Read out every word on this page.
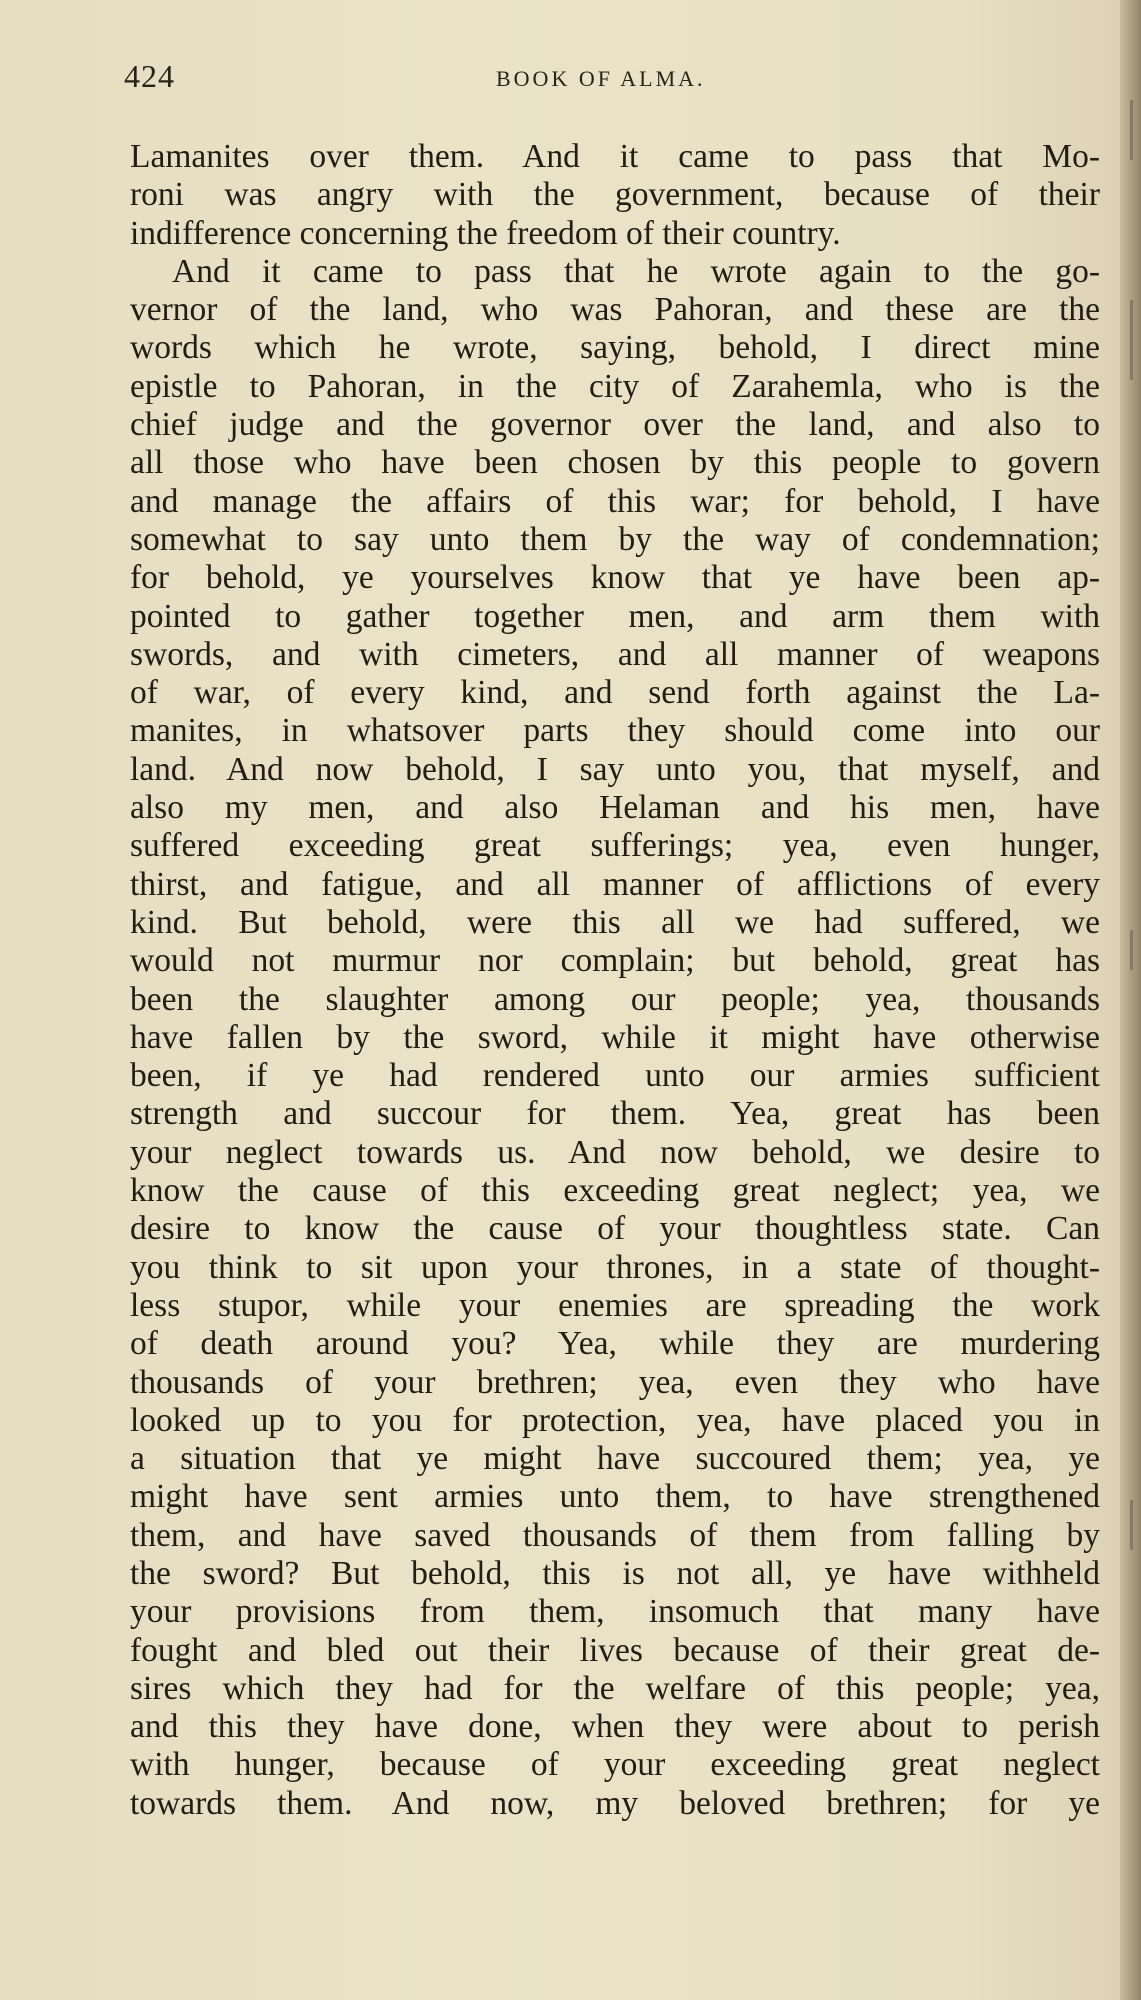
424	BOOK OF ALMA.
Lamanites over them. And it came to pass that Mo-
roni was angry with the government, because of their
indifference concerning the freedom of their country.
And it came to pass that he wrote again to the go-
vernor of the land, who was Pahoran, and these are the
words which he wrote, saying, behold, I direct mine
epistle to Pahoran, in the city of Zarahemla, who is the
chief judge and the governor over the land, and also to
all those who have been chosen by this people to govern
and manage the affairs of this war; for behold, I have
somewhat to say unto them by the way of condemnation;
for behold, ye yourselves know that ye have been ap-
pointed to gather together men, and arm them with
swords, and with cimeters, and all manner of weapons
of war, of every kind, and send forth against the La-
manites, in whatsover parts they should come into our
land. And now behold, I say unto you, that myself, and
also my men, and also Helaman and his men, have
suffered exceeding great sufferings; yea, even hunger,
thirst, and fatigue, and all manner of afflictions of every
kind. But behold, were this all we had suffered, we
would not murmur nor complain; but behold, great has
been the slaughter among our people; yea, thousands
have fallen by the sword, while it might have otherwise
been, if ye had rendered unto our armies sufficient
strength and succour for them. Yea, great has been
your neglect towards us. And now behold, we desire to
know the cause of this exceeding great neglect; yea, we
desire to know the cause of your thoughtless state. Can
you think to sit upon your thrones, in a state of thought-
less stupor, while your enemies are spreading the work
of death around you? Yea, while they are murdering
thousands of your brethren; yea, even they who have
looked up to you for protection, yea, have placed you in
a situation that ye might have succoured them; yea, ye
might have sent armies unto them, to have strengthened
them, and have saved thousands of them from falling by
the sword? But behold, this is not all, ye have withheld
your provisions from them, insomuch that many have
fought and bled out their lives because of their great de-
sires which they had for the welfare of this people; yea,
and this they have done, when they were about to perish
with hunger, because of your exceeding great neglect
towards them. And now, my beloved brethren; for ye
